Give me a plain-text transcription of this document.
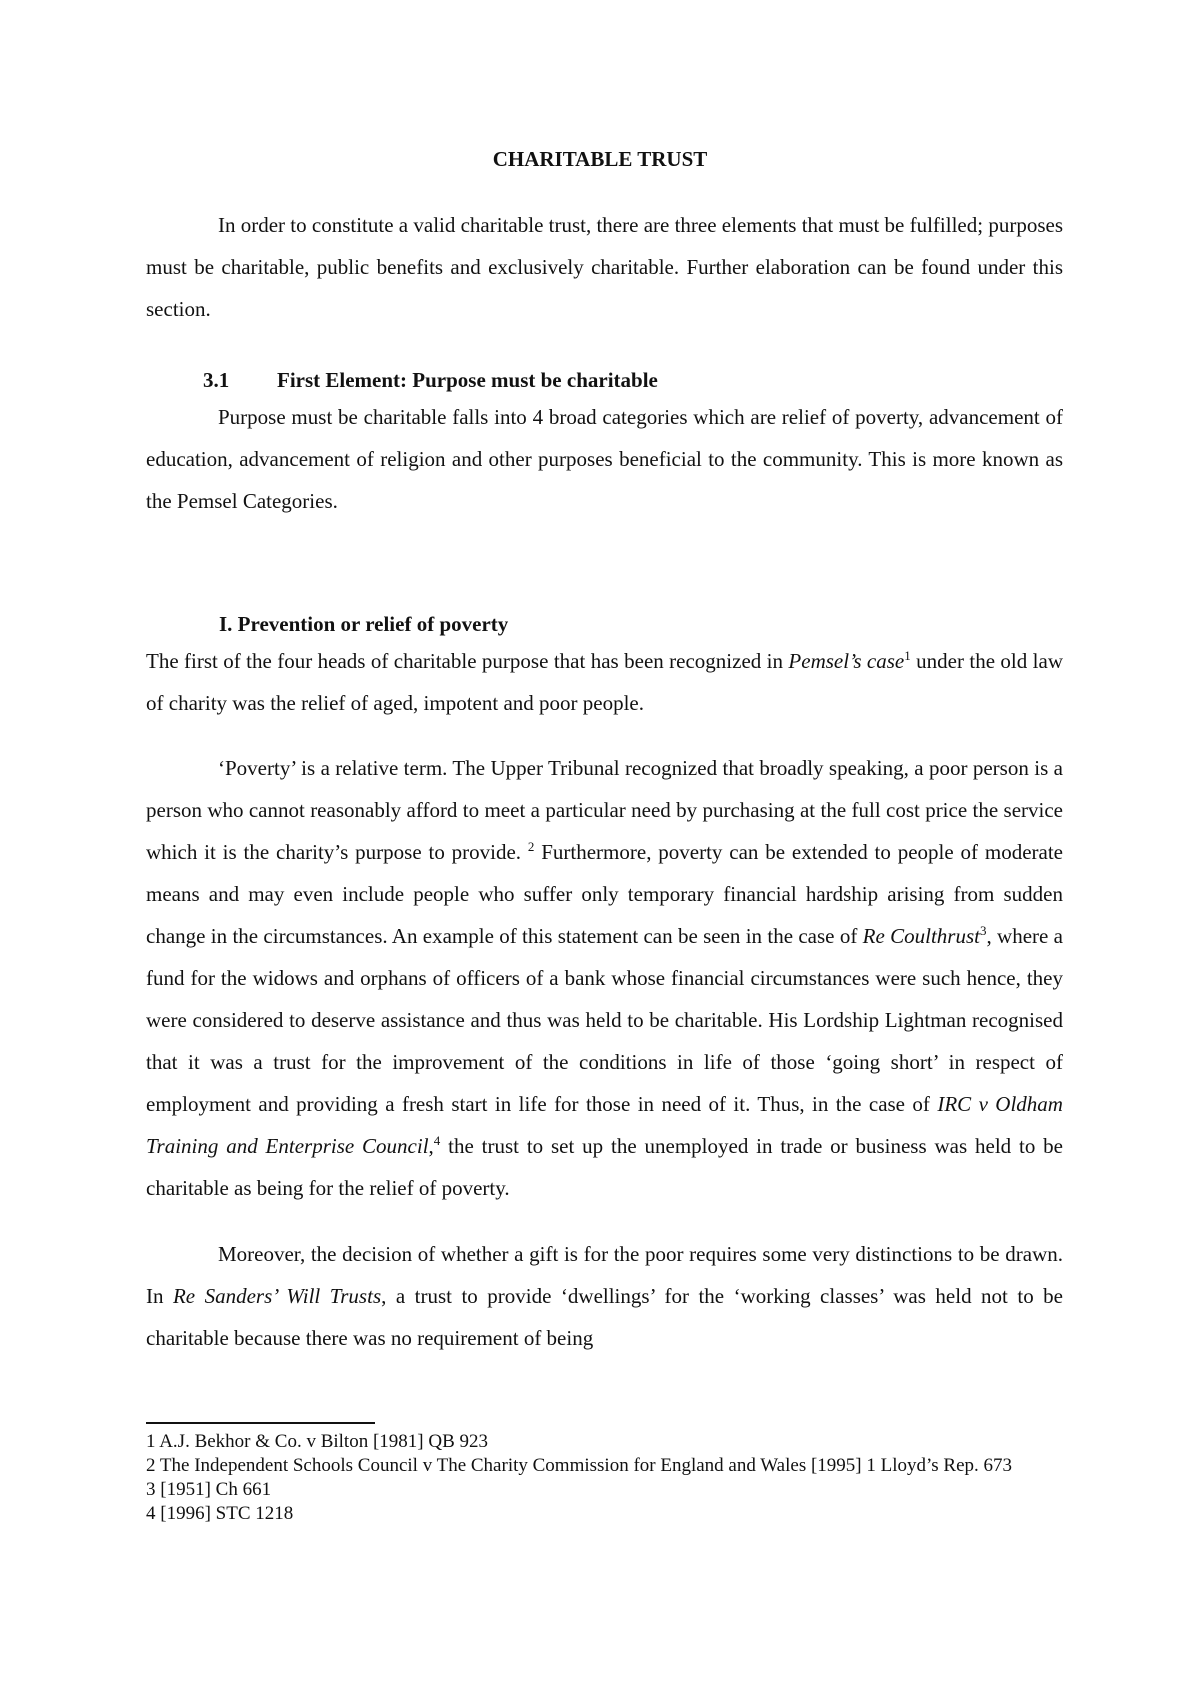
CHARITABLE TRUST

In order to constitute a valid charitable trust, there are three elements that must be fulfilled; purposes must be charitable, public benefits and exclusively charitable. Further elaboration can be found under this section.

3.1 First Element: Purpose must be charitable

Purpose must be charitable falls into 4 broad categories which are relief of poverty, advancement of education, advancement of religion and other purposes beneficial to the community. This is more known as the Pemsel Categories.

I. Prevention or relief of poverty

The first of the four heads of charitable purpose that has been recognized in Pemsel’s case$^1$ under the old law of charity was the relief of aged, impotent and poor people.

‘Poverty’ is a relative term. The Upper Tribunal recognized that broadly speaking, a poor person is a person who cannot reasonably afford to meet a particular need by purchasing at the full cost price the service which it is the charity’s purpose to provide. $^2$ Furthermore, poverty can be extended to people of moderate means and may even include people who suffer only temporary financial hardship arising from sudden change in the circumstances. An example of this statement can be seen in the case of Re Coulthrust$^3$, where a fund for the widows and orphans of officers of a bank whose financial circumstances were such hence, they were considered to deserve assistance and thus was held to be charitable. His Lordship Lightman recognised that it was a trust for the improvement of the conditions in life of those ‘going short’ in respect of employment and providing a fresh start in life for those in need of it. Thus, in the case of IRC v Oldham Training and Enterprise Council,$^4$ the trust to set up the unemployed in trade or business was held to be charitable as being for the relief of poverty.

Moreover, the decision of whether a gift is for the poor requires some very distinctions to be drawn. In Re Sanders’ Will Trusts, a trust to provide ‘dwellings’ for the ‘working classes’ was held not to be charitable because there was no requirement of being

1 A.J. Bekhor & Co. v Bilton [1981] QB 923

2 The Independent Schools Council v The Charity Commission for England and Wales [1995] 1 Lloyd’s Rep. 673

3 [1951] Ch 661

4 [1996] STC 1218
